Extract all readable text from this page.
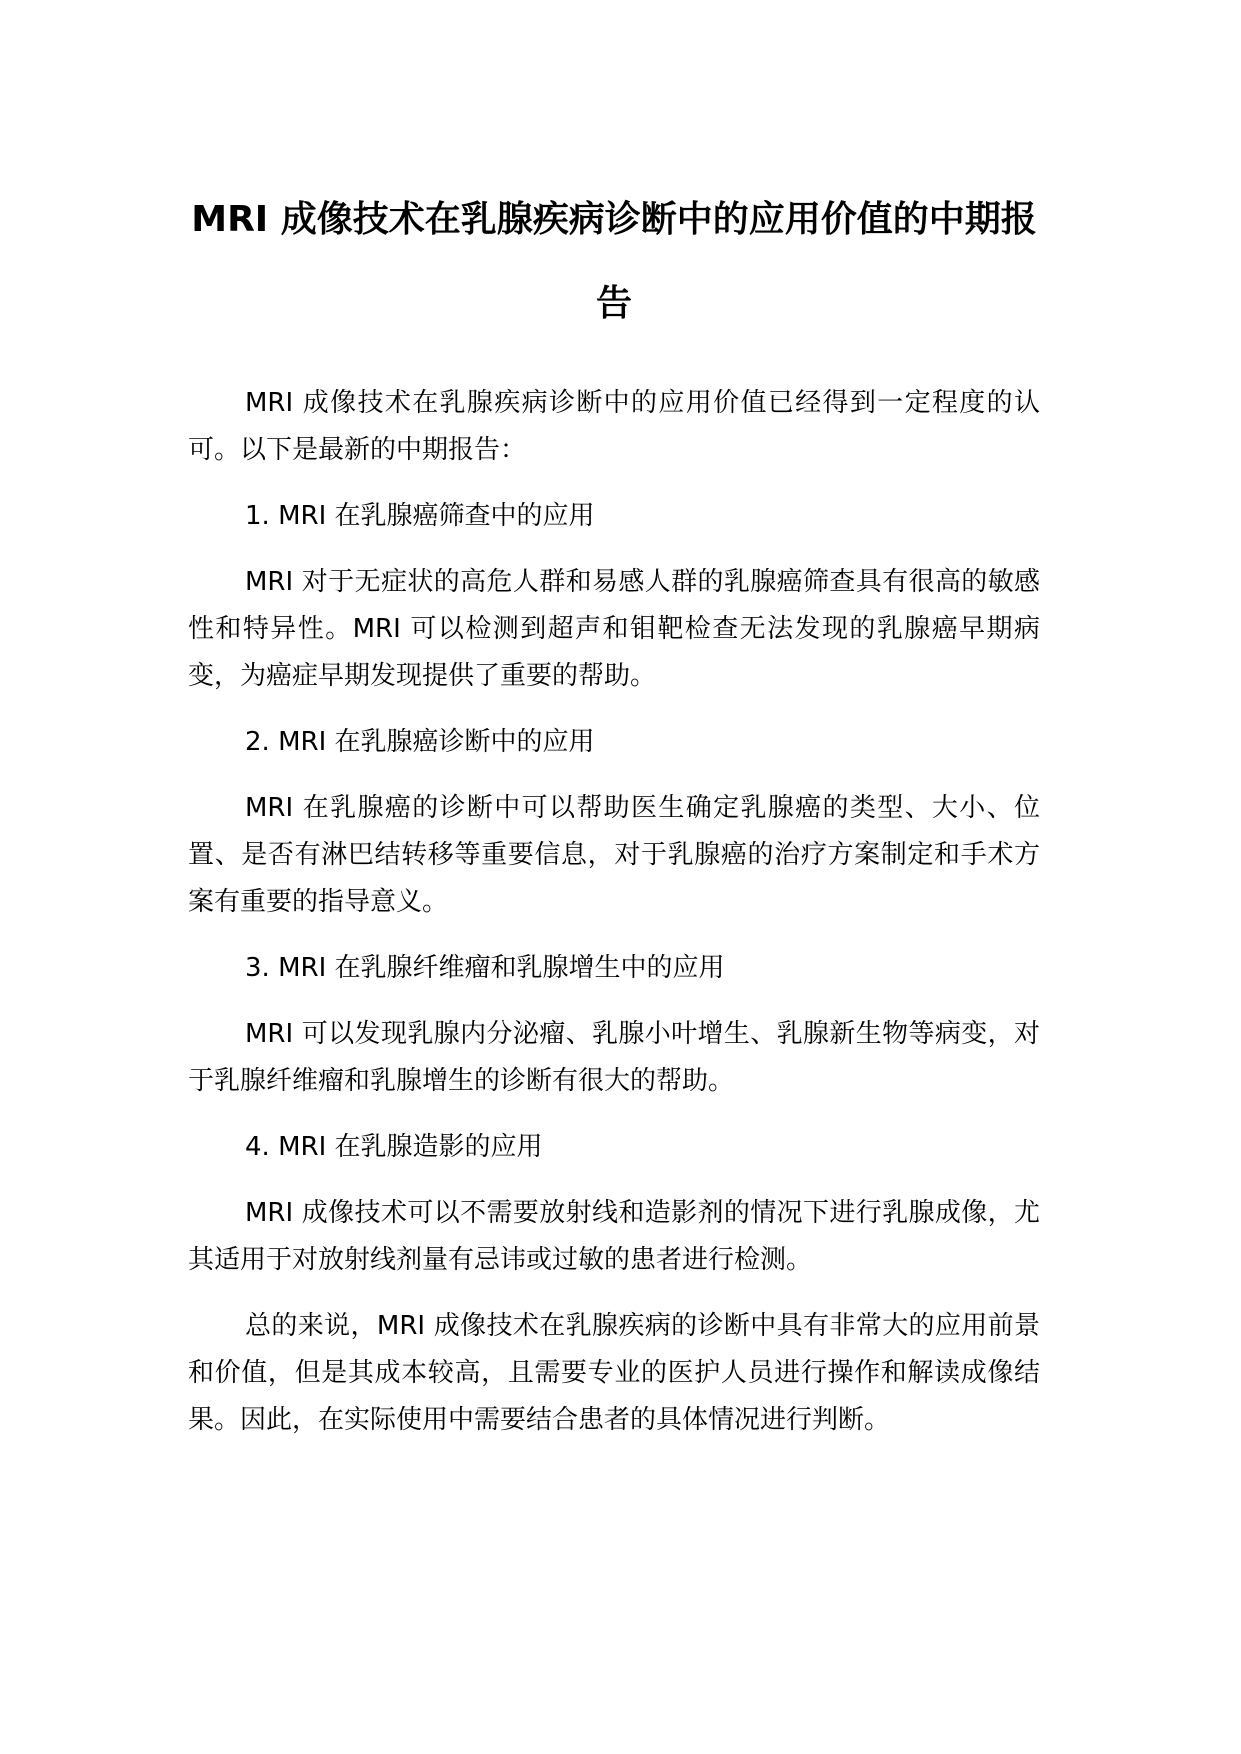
MRI 成像技术在乳腺疾病诊断中的应用价值的中期报告

MRI 成像技术在乳腺疾病诊断中的应用价值已经得到一定程度的认可。以下是最新的中期报告：

1. MRI 在乳腺癌筛查中的应用

MRI 对于无症状的高危人群和易感人群的乳腺癌筛查具有很高的敏感性和特异性。MRI 可以检测到超声和钼靶检查无法发现的乳腺癌早期病变，为癌症早期发现提供了重要的帮助。

2. MRI 在乳腺癌诊断中的应用

MRI 在乳腺癌的诊断中可以帮助医生确定乳腺癌的类型、大小、位置、是否有淋巴结转移等重要信息，对于乳腺癌的治疗方案制定和手术方案有重要的指导意义。

3. MRI 在乳腺纤维瘤和乳腺增生中的应用

MRI 可以发现乳腺内分泌瘤、乳腺小叶增生、乳腺新生物等病变，对于乳腺纤维瘤和乳腺增生的诊断有很大的帮助。

4. MRI 在乳腺造影的应用

MRI 成像技术可以不需要放射线和造影剂的情况下进行乳腺成像，尤其适用于对放射线剂量有忌讳或过敏的患者进行检测。

总的来说，MRI 成像技术在乳腺疾病的诊断中具有非常大的应用前景和价值，但是其成本较高，且需要专业的医护人员进行操作和解读成像结果。因此，在实际使用中需要结合患者的具体情况进行判断。
